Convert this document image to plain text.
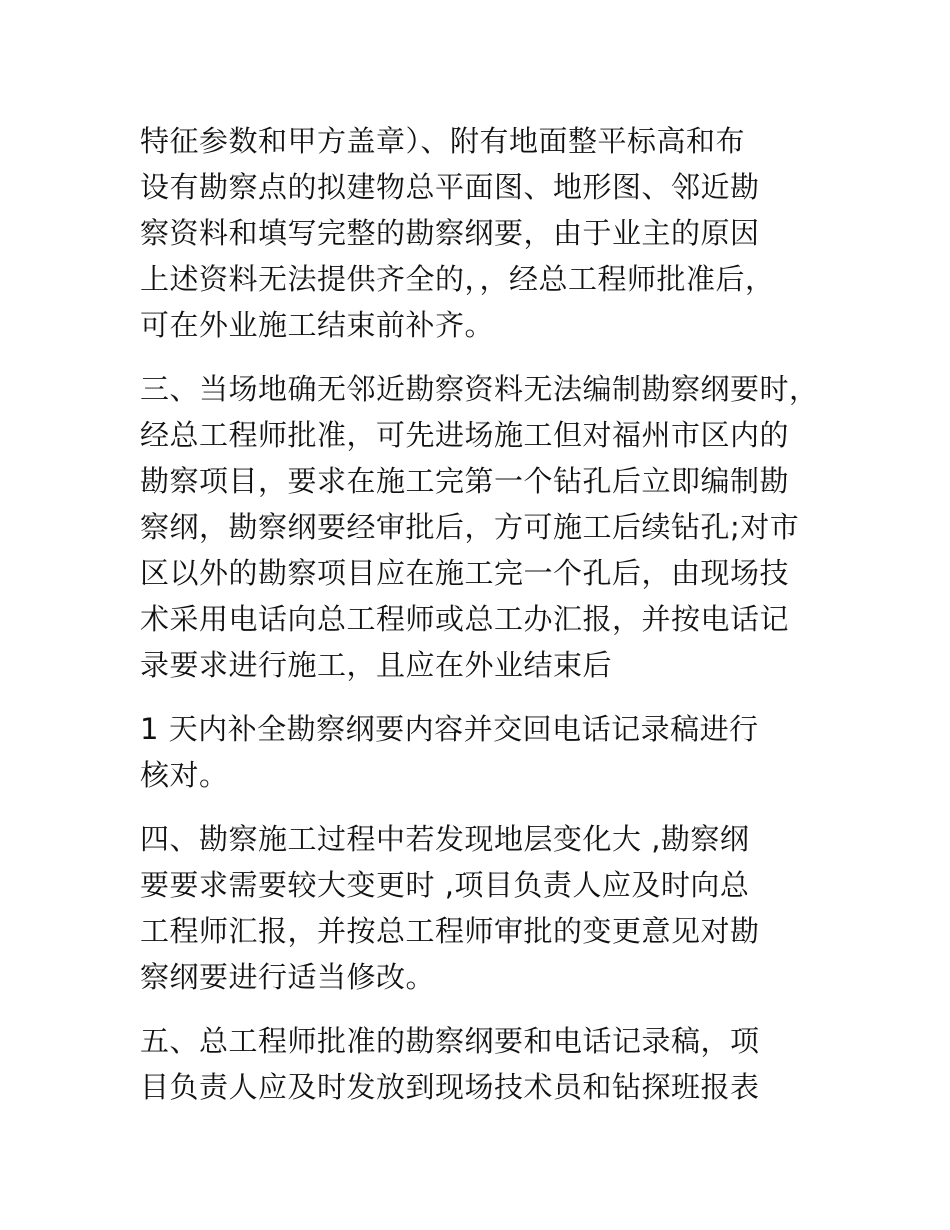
特征参数和甲方盖章）、附有地面整平标高和布
设有勘察点的拟建物总平面图、地形图、邻近勘
察资料和填写完整的勘察纲要，由于业主的原因
上述资料无法提供齐全的，，经总工程师批准后，
可在外业施工结束前补齐。
三、当场地确无邻近勘察资料无法编制勘察纲要时，
经总工程师批准，可先进场施工但对福州市区内的
勘察项目，要求在施工完第一个钻孔后立即编制勘
察纲，勘察纲要经审批后，方可施工后续钻孔;对市
区以外的勘察项目应在施工完一个孔后，由现场技
术采用电话向总工程师或总工办汇报，并按电话记
录要求进行施工，且应在外业结束后
1 天内补全勘察纲要内容并交回电话记录稿进行
核对。
四、勘察施工过程中若发现地层变化大 ,勘察纲
要要求需要较大变更时 ,项目负责人应及时向总
工程师汇报，并按总工程师审批的变更意见对勘
察纲要进行适当修改。
五、总工程师批准的勘察纲要和电话记录稿，项
目负责人应及时发放到现场技术员和钻探班报表
